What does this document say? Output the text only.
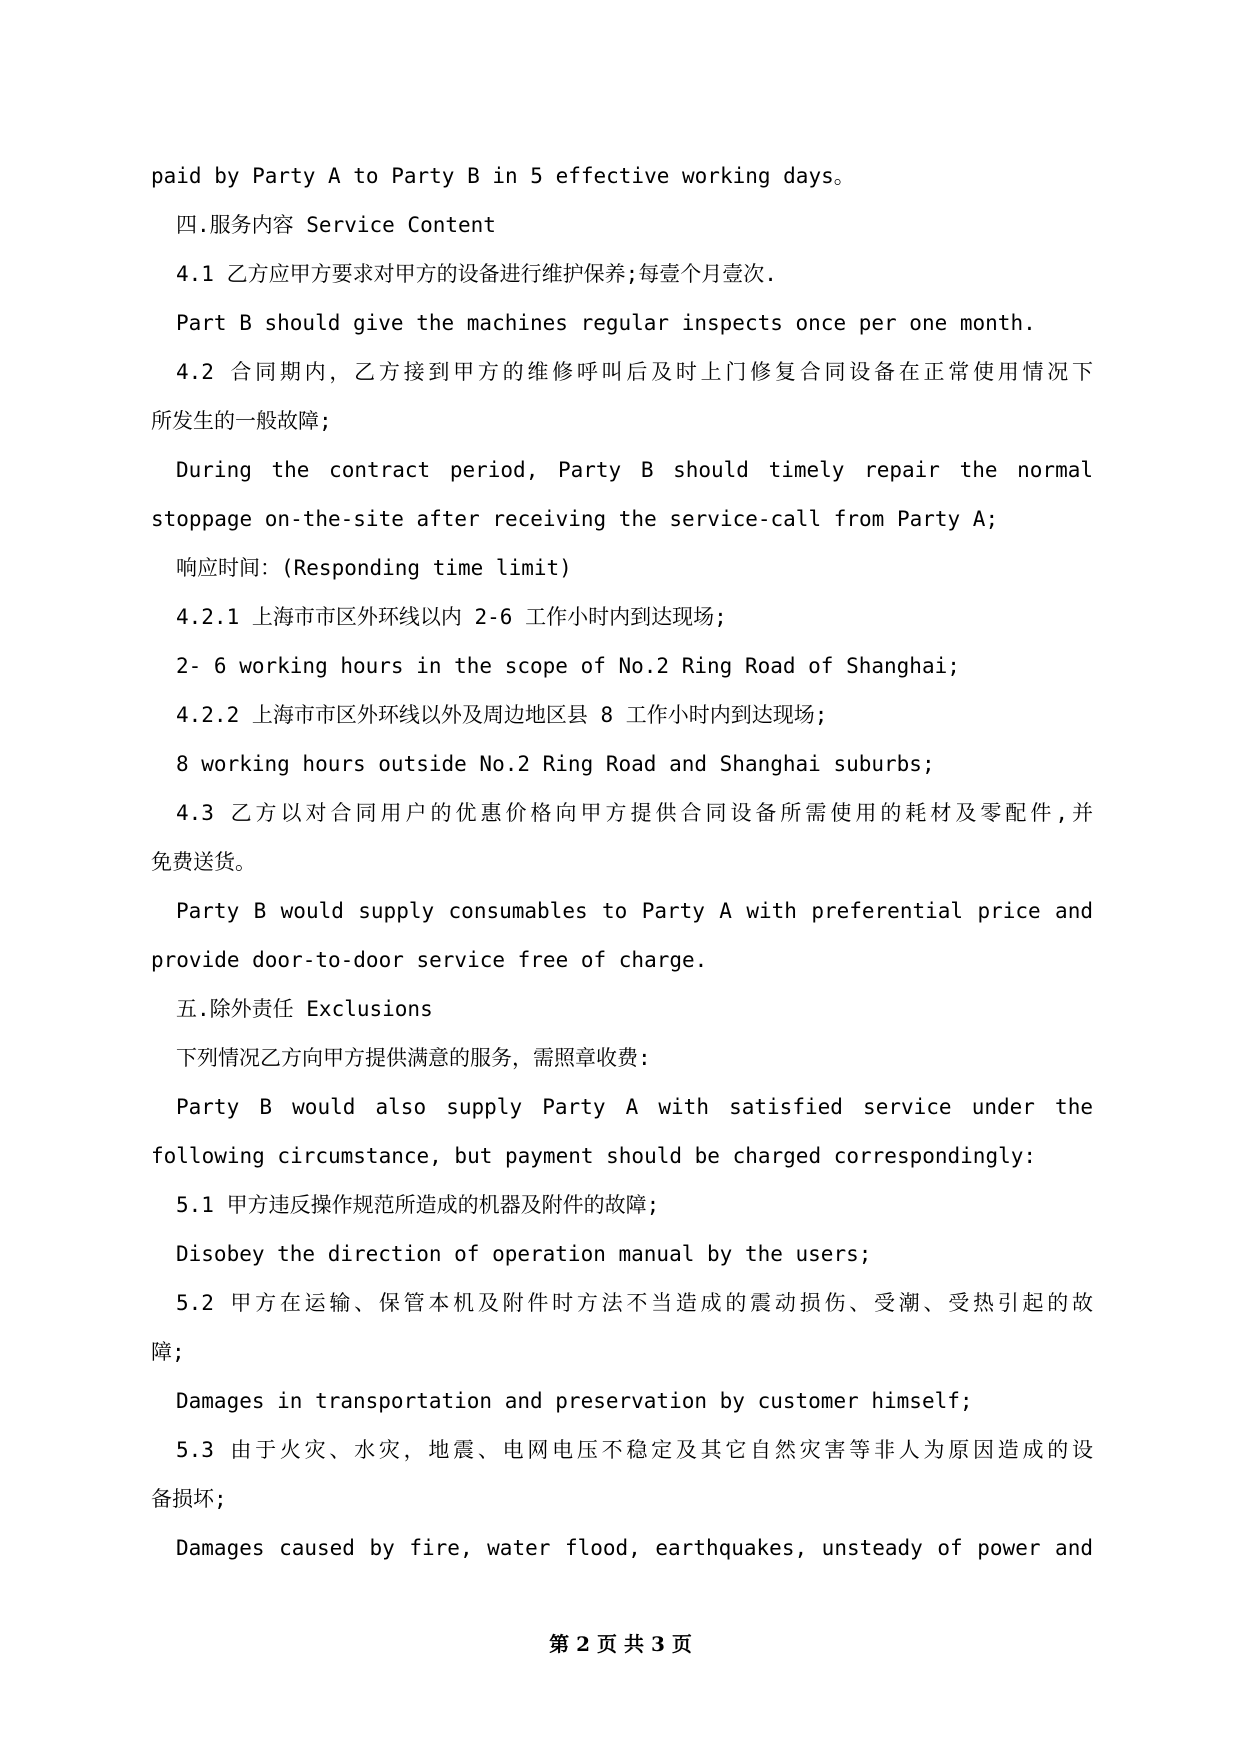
paid by Party A to Party B in 5 effective working days。
四.服务内容 Service Content
4.1 乙方应甲方要求对甲方的设备进行维护保养;每壹个月壹次.
Part B should give the machines regular inspects once per one month.
4.2 合同期内，乙方接到甲方的维修呼叫后及时上门修复合同设备在正常使用情况下
所发生的一般故障;
During the contract period, Party B should timely repair the normal
stoppage on-the-site after receiving the service-call from Party A;
响应时间：(Responding time limit)
4.2.1 上海市市区外环线以内 2-6 工作小时内到达现场;
2- 6 working hours in the scope of No.2 Ring Road of Shanghai;
4.2.2 上海市市区外环线以外及周边地区县 8 工作小时内到达现场;
8 working hours outside No.2 Ring Road and Shanghai suburbs;
4.3 乙方以对合同用户的优惠价格向甲方提供合同设备所需使用的耗材及零配件,并
免费送货。
Party B would supply consumables to Party A with preferential price and
provide door-to-door service free of charge.
五.除外责任 Exclusions
下列情况乙方向甲方提供满意的服务，需照章收费:
Party B would also supply Party A with satisfied service under the
following circumstance, but payment should be charged correspondingly:
5.1 甲方违反操作规范所造成的机器及附件的故障;
Disobey the direction of operation manual by the users;
5.2 甲方在运输、保管本机及附件时方法不当造成的震动损伤、受潮、受热引起的故
障;
Damages in transportation and preservation by customer himself;
5.3 由于火灾、水灾，地震、电网电压不稳定及其它自然灾害等非人为原因造成的设
备损坏;
Damages caused by fire, water flood, earthquakes, unsteady of power and
第 2 页 共 3 页
